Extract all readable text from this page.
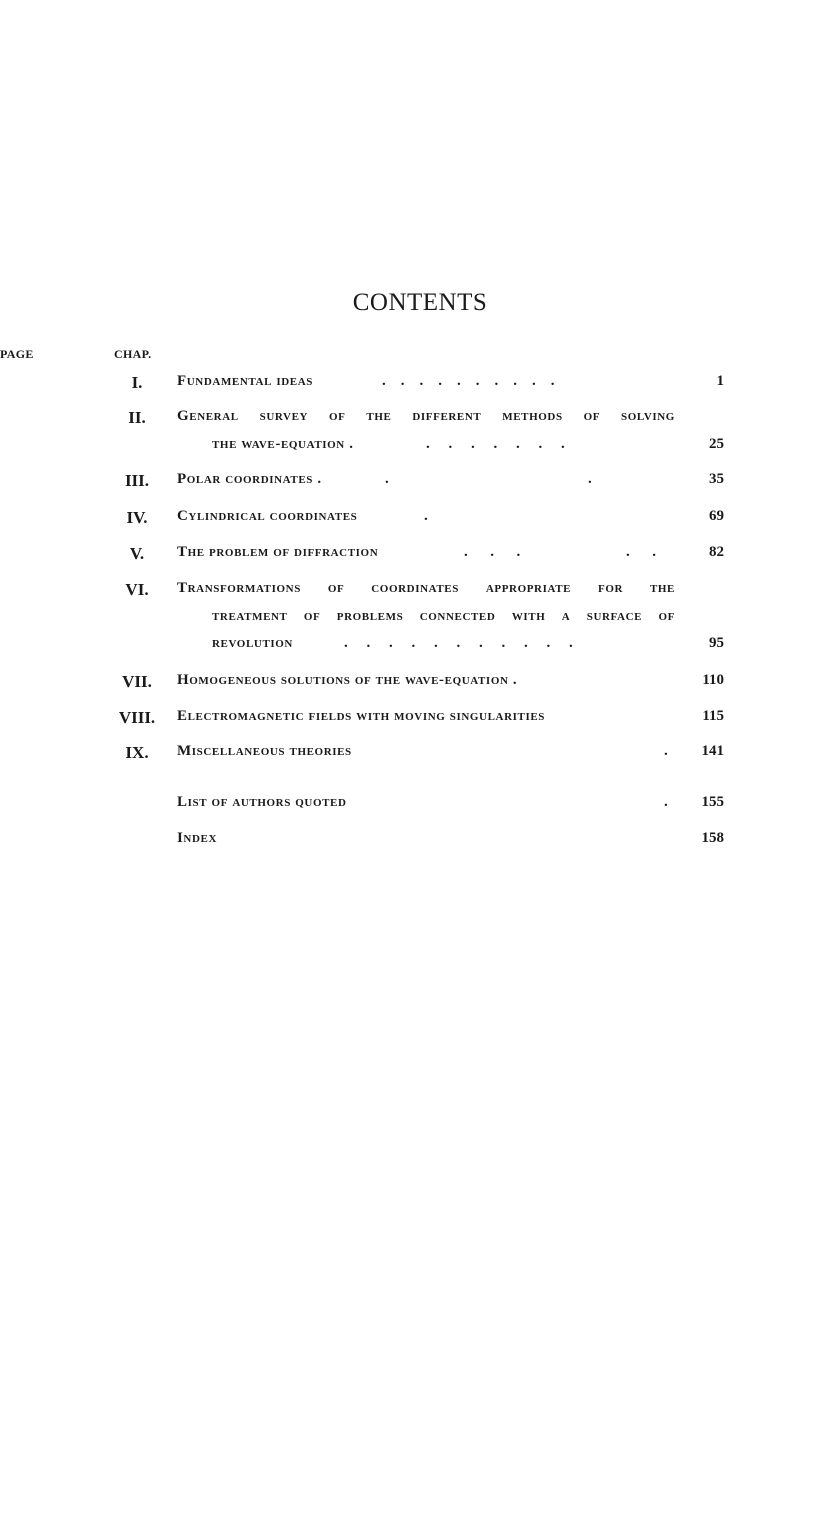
CONTENTS
CHAP.
PAGE
I.	Fundamental ideas	.    .    .    .    .    .    .    .    .    .	1
II.	General survey of the different methods of solving
the wave-equation .	.     .     .     .     .     .     .	25
III.	Polar coordinates .	.	.	35
IV.	Cylindrical coordinates	.	69
V.	The problem of diffraction	.      .      .	.      .	82
VI.	Transformations of coordinates appropriate for the
treatment of problems connected with a surface of
revolution	.     .     .     .     .     .     .     .     .     .     .	95
VII.	Homogeneous solutions of the wave-equation .	110
VIII.	Electromagnetic fields with moving singularities	115
IX.	Miscellaneous theories	.	141
List of authors quoted	.	155
Index	158
